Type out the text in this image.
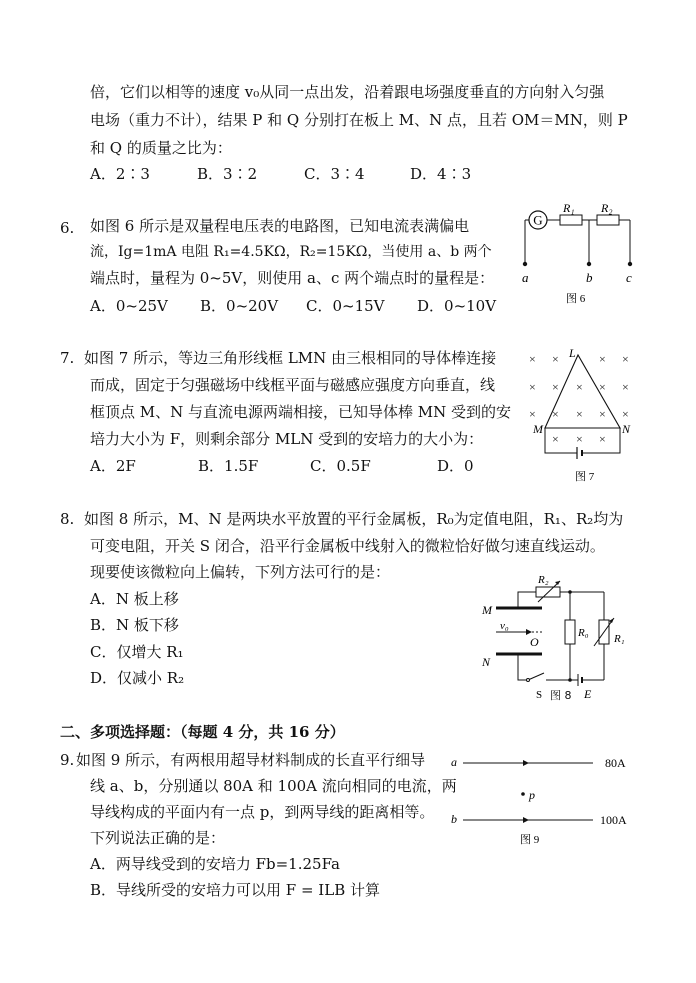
倍，它们以相等的速度 v₀从同一点出发，沿着跟电场强度垂直的方向射入匀强
电场（重力不计），结果 P 和 Q 分别打在板上 M、N 点，且若 OM＝MN，则 P
和 Q 的质量之比为：
A．2∶3	B．3∶2	C．3∶4	D．4∶3
6. 如图 6 所示是双量程电压表的电路图，已知电流表满偏电
流，Ig=1mA 电阻 R₁=4.5KΩ，R₂=15KΩ，当使用 a、b 两个
端点时，量程为 0~5V，则使用 a、c 两个端点时的量程是：
A．0~25V B．0~20V C．0~15V D．0~10V
G
R₁ R₂
a	b	c
图 6
7. 如图 7 所示，等边三角形线框 LMN 由三根相同的导体棒连接
而成，固定于匀强磁场中线框平面与磁感应强度方向垂直，线
框顶点 M、N 与直流电源两端相接，已知导体棒 MN 受到的安
培力大小为 F，则剩余部分 MLN 受到的安培力的大小为：
A．2F	B．1.5F	C．0.5F	D．0
× ×	× ×
× × × × ×
× × × × ×
× × ×
L
M	N
图 7
8. 如图 8 所示，M、N 是两块水平放置的平行金属板，R₀为定值电阻，R₁、R₂均为
可变电阻，开关 S 闭合，沿平行金属板中线射入的微粒恰好做匀速直线运动。
现要使该微粒向上偏转，下列方法可行的是：
A．N 板上移
B．N 板下移
C．仅增大 R₁
D．仅减小 R₂
M
N
v₀
O
R₂
R₀ R₁
S	E
图 8
二、多项选择题：（每题 4 分，共 16 分）
9. 如图 9 所示，有两根用超导材料制成的长直平行细导
线 a、b，分别通以 80A 和 100A 流向相同的电流，两
导线构成的平面内有一点 p，到两导线的距离相等。
下列说法正确的是：
A．两导线受到的安培力 Fb=1.25Fa
B．导线所受的安培力可以用 F = ILB 计算
a	80A
p
b	100A
图 9
